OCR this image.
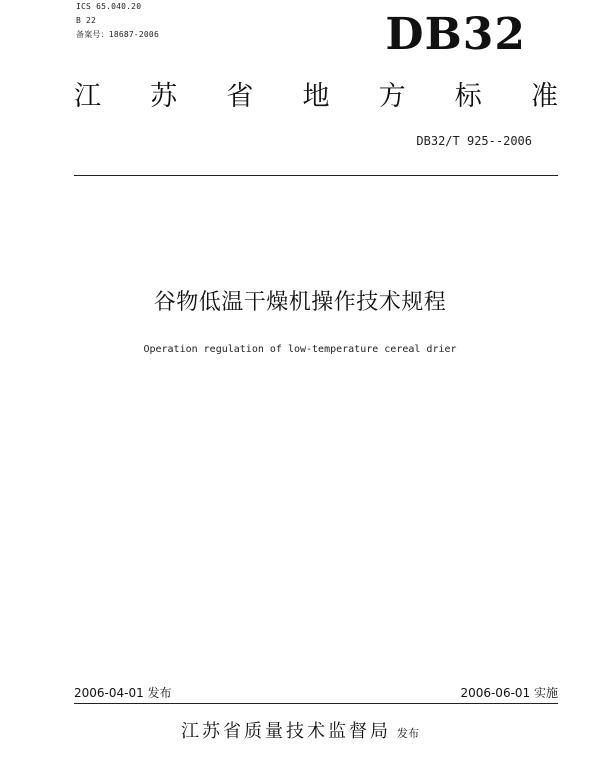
ICS 65.040.20
B 22
备案号：18687-2006	DB32
江 苏 省 地 方 标 准
DB32/T 925--2006
谷物低温干燥机操作技术规程
Operation regulation of low-temperature cereal drier
2006-04-01 发布	2006-06-01 实施
江苏省质量技术监督局 发布
